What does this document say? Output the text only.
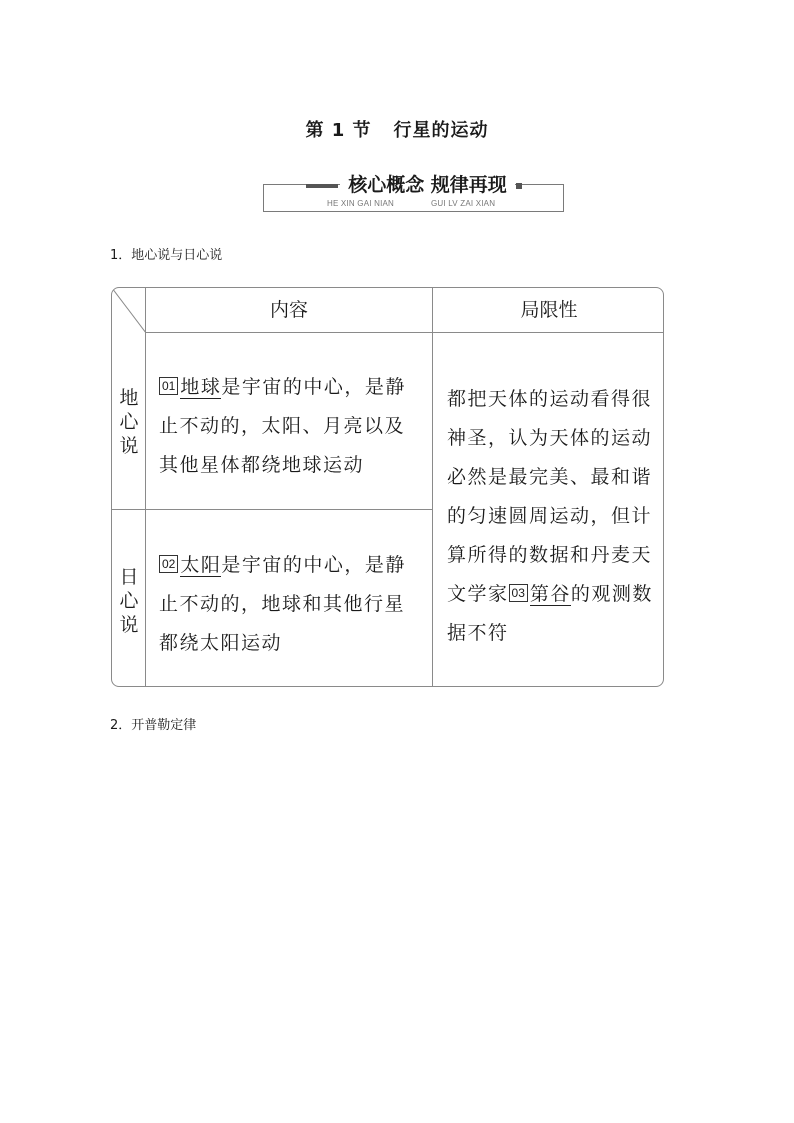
第 1 节 行星的运动
核心概念 规律再现
HE XIN GAI NIAN	GUI LV ZAI XIAN
1．地心说与日心说
内容	局限性
地心说
01 地球是宇宙的中心，是静止不动的，太阳、月亮以及其他星体都绕地球运动
日心说
02 太阳是宇宙的中心，是静止不动的，地球和其他行星都绕太阳运动
都把天体的运动看得很神圣，认为天体的运动必然是最完美、最和谐的匀速圆周运动，但计算所得的数据和丹麦天文学家 03 第谷的观测数据不符
2．开普勒定律
